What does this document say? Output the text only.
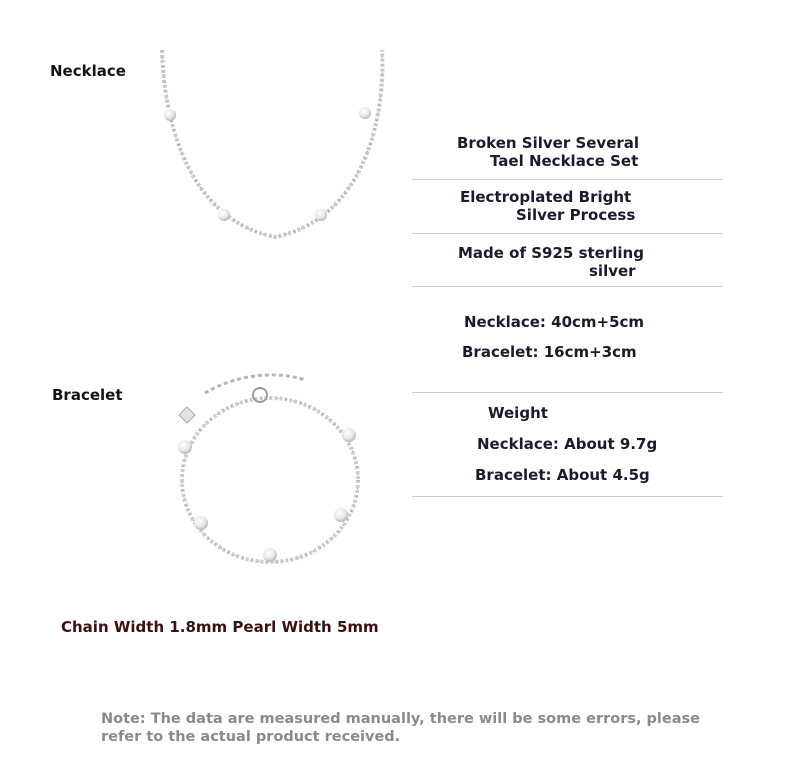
Necklace
Bracelet
Broken Silver Several
Tael Necklace Set
Electroplated Bright
Silver Process
Made of S925 sterling
silver
Necklace: 40cm+5cm
Bracelet: 16cm+3cm
Weight
Necklace: About 9.7g
Bracelet: About 4.5g
Chain Width 1.8mm Pearl Width 5mm
Note: The data are measured manually, there will be some errors, please refer to the actual product received.
